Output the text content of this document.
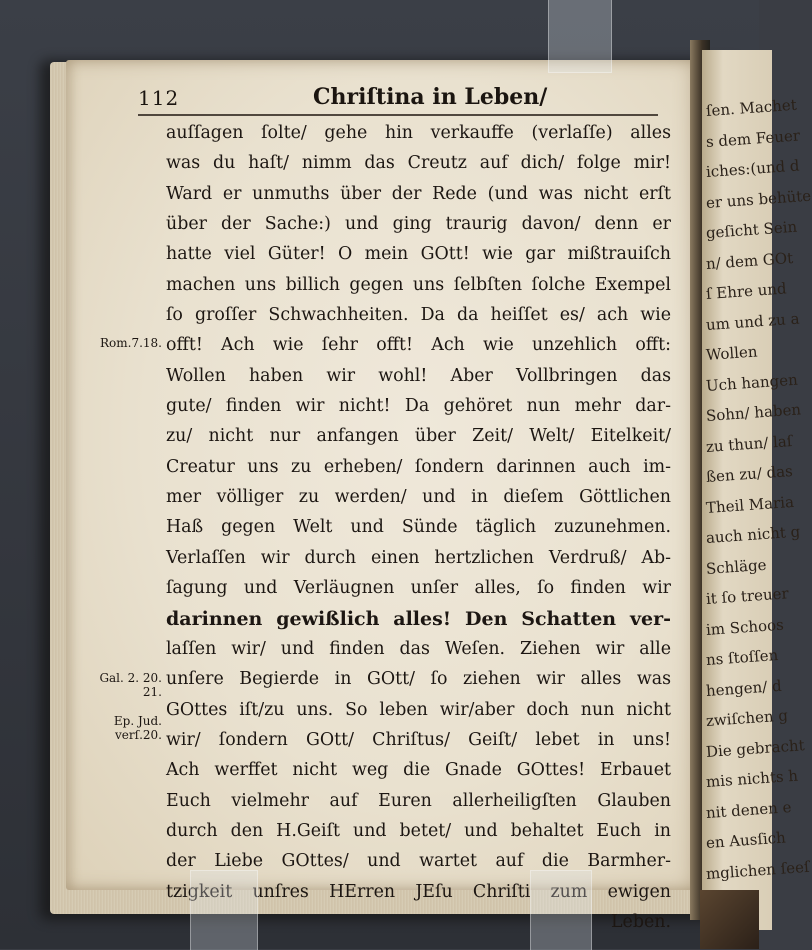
ſen. Machet
s dem Feuer
iches:(und d
er uns behüte
geſicht Sein
n/ dem GOt
ſ Ehre und
um und zu a
Wollen
Uch hangen
Sohn/ haben
zu thun/ laſ
ßen zu/ das
Theil Maria
auch nicht g
Schläge
it ſo treuer
im Schoos
ns ſtoſſen
hengen/ d
zwiſchen g
Die gebracht
mis nichts h
nit denen e
en Ausſich
mglichen ſeeſ
112	Chriſtina in Leben/
Rom.7.18.
Gal. 2. 20.
21.
Ep. Jud.
verſ.20.
auſſagen ſolte/ gehe hin verkauffe (verlaſſe) alles
was du haſt/ nimm das Creutz auf dich/ folge mir!
Ward er unmuths über der Rede (und was nicht erſt
über der Sache:) und ging traurig davon/ denn er
hatte viel Güter! O mein GOtt! wie gar mißtrauiſch
machen uns billich gegen uns ſelbſten ſolche Exempel
ſo groſſer Schwachheiten. Da da heiſſet es/ ach wie
offt! Ach wie ſehr offt! Ach wie unzehlich offt:
Wollen haben wir wohl! Aber Vollbringen das
gute/ finden wir nicht! Da gehöret nun mehr dar-
zu/ nicht nur anfangen über Zeit/ Welt/ Eitelkeit/
Creatur uns zu erheben/ ſondern darinnen auch im-
mer völliger zu werden/ und in dieſem Göttlichen
Haß gegen Welt und Sünde täglich zuzunehmen.
Verlaſſen wir durch einen hertzlichen Verdruß/ Ab-
ſagung und Verläugnen unſer alles, ſo finden wir
darinnen gewißlich alles! Den Schatten ver-
laſſen wir/ und finden das Weſen. Ziehen wir alle
unſere Begierde in GOtt/ ſo ziehen wir alles was
GOttes iſt/zu uns. So leben wir/aber doch nun nicht
wir/ ſondern GOtt/ Chriſtus/ Geiſt/ lebet in uns!
Ach werffet nicht weg die Gnade GOttes! Erbauet
Euch vielmehr auf Euren allerheiligſten Glauben
durch den H.Geiſt und betet/ und behaltet Euch in
der Liebe GOttes/ und wartet auf die Barmher-
tzigkeit unſres HErren JEſu Chriſti zum ewigen
Leben.
